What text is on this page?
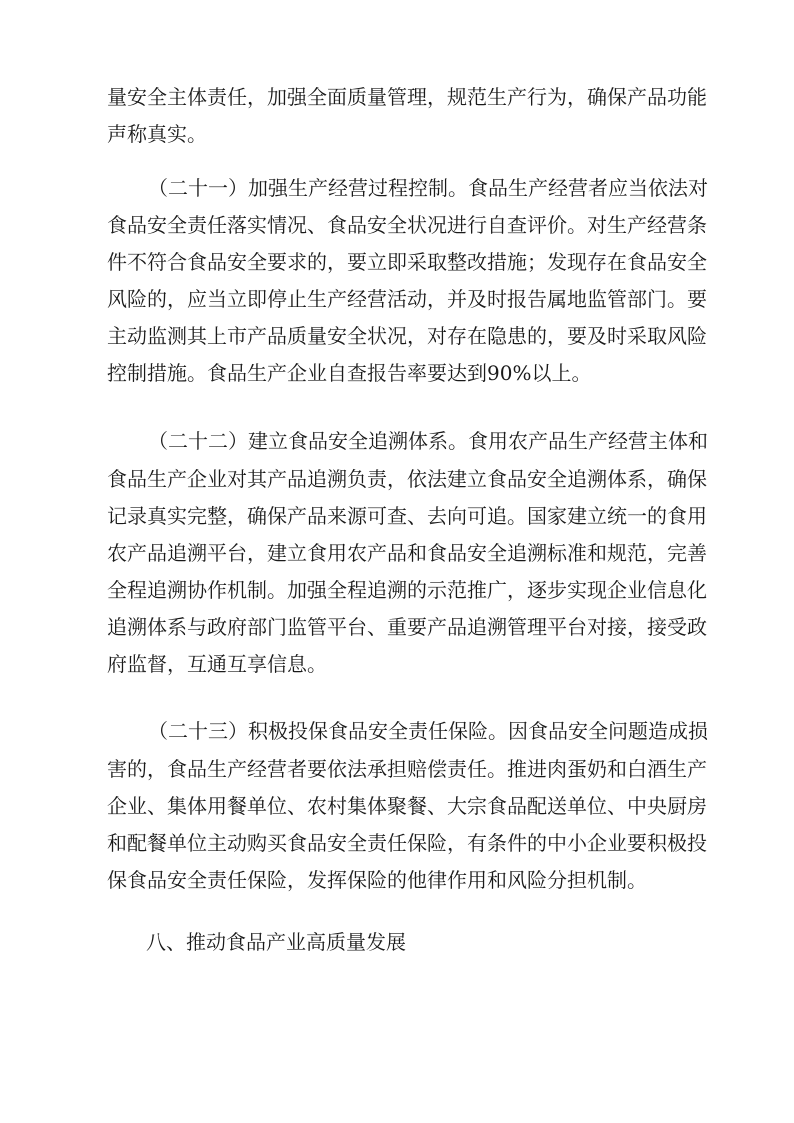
量安全主体责任，加强全面质量管理，规范生产行为，确保产品功能
声称真实。
（二十一）加强生产经营过程控制。食品生产经营者应当依法对
食品安全责任落实情况、食品安全状况进行自查评价。对生产经营条
件不符合食品安全要求的，要立即采取整改措施；发现存在食品安全
风险的，应当立即停止生产经营活动，并及时报告属地监管部门。要
主动监测其上市产品质量安全状况，对存在隐患的，要及时采取风险
控制措施。食品生产企业自查报告率要达到90%以上。
（二十二）建立食品安全追溯体系。食用农产品生产经营主体和
食品生产企业对其产品追溯负责，依法建立食品安全追溯体系，确保
记录真实完整，确保产品来源可查、去向可追。国家建立统一的食用
农产品追溯平台，建立食用农产品和食品安全追溯标准和规范，完善
全程追溯协作机制。加强全程追溯的示范推广，逐步实现企业信息化
追溯体系与政府部门监管平台、重要产品追溯管理平台对接，接受政
府监督，互通互享信息。
（二十三）积极投保食品安全责任保险。因食品安全问题造成损
害的，食品生产经营者要依法承担赔偿责任。推进肉蛋奶和白酒生产
企业、集体用餐单位、农村集体聚餐、大宗食品配送单位、中央厨房
和配餐单位主动购买食品安全责任保险，有条件的中小企业要积极投
保食品安全责任保险，发挥保险的他律作用和风险分担机制。
八、推动食品产业高质量发展
